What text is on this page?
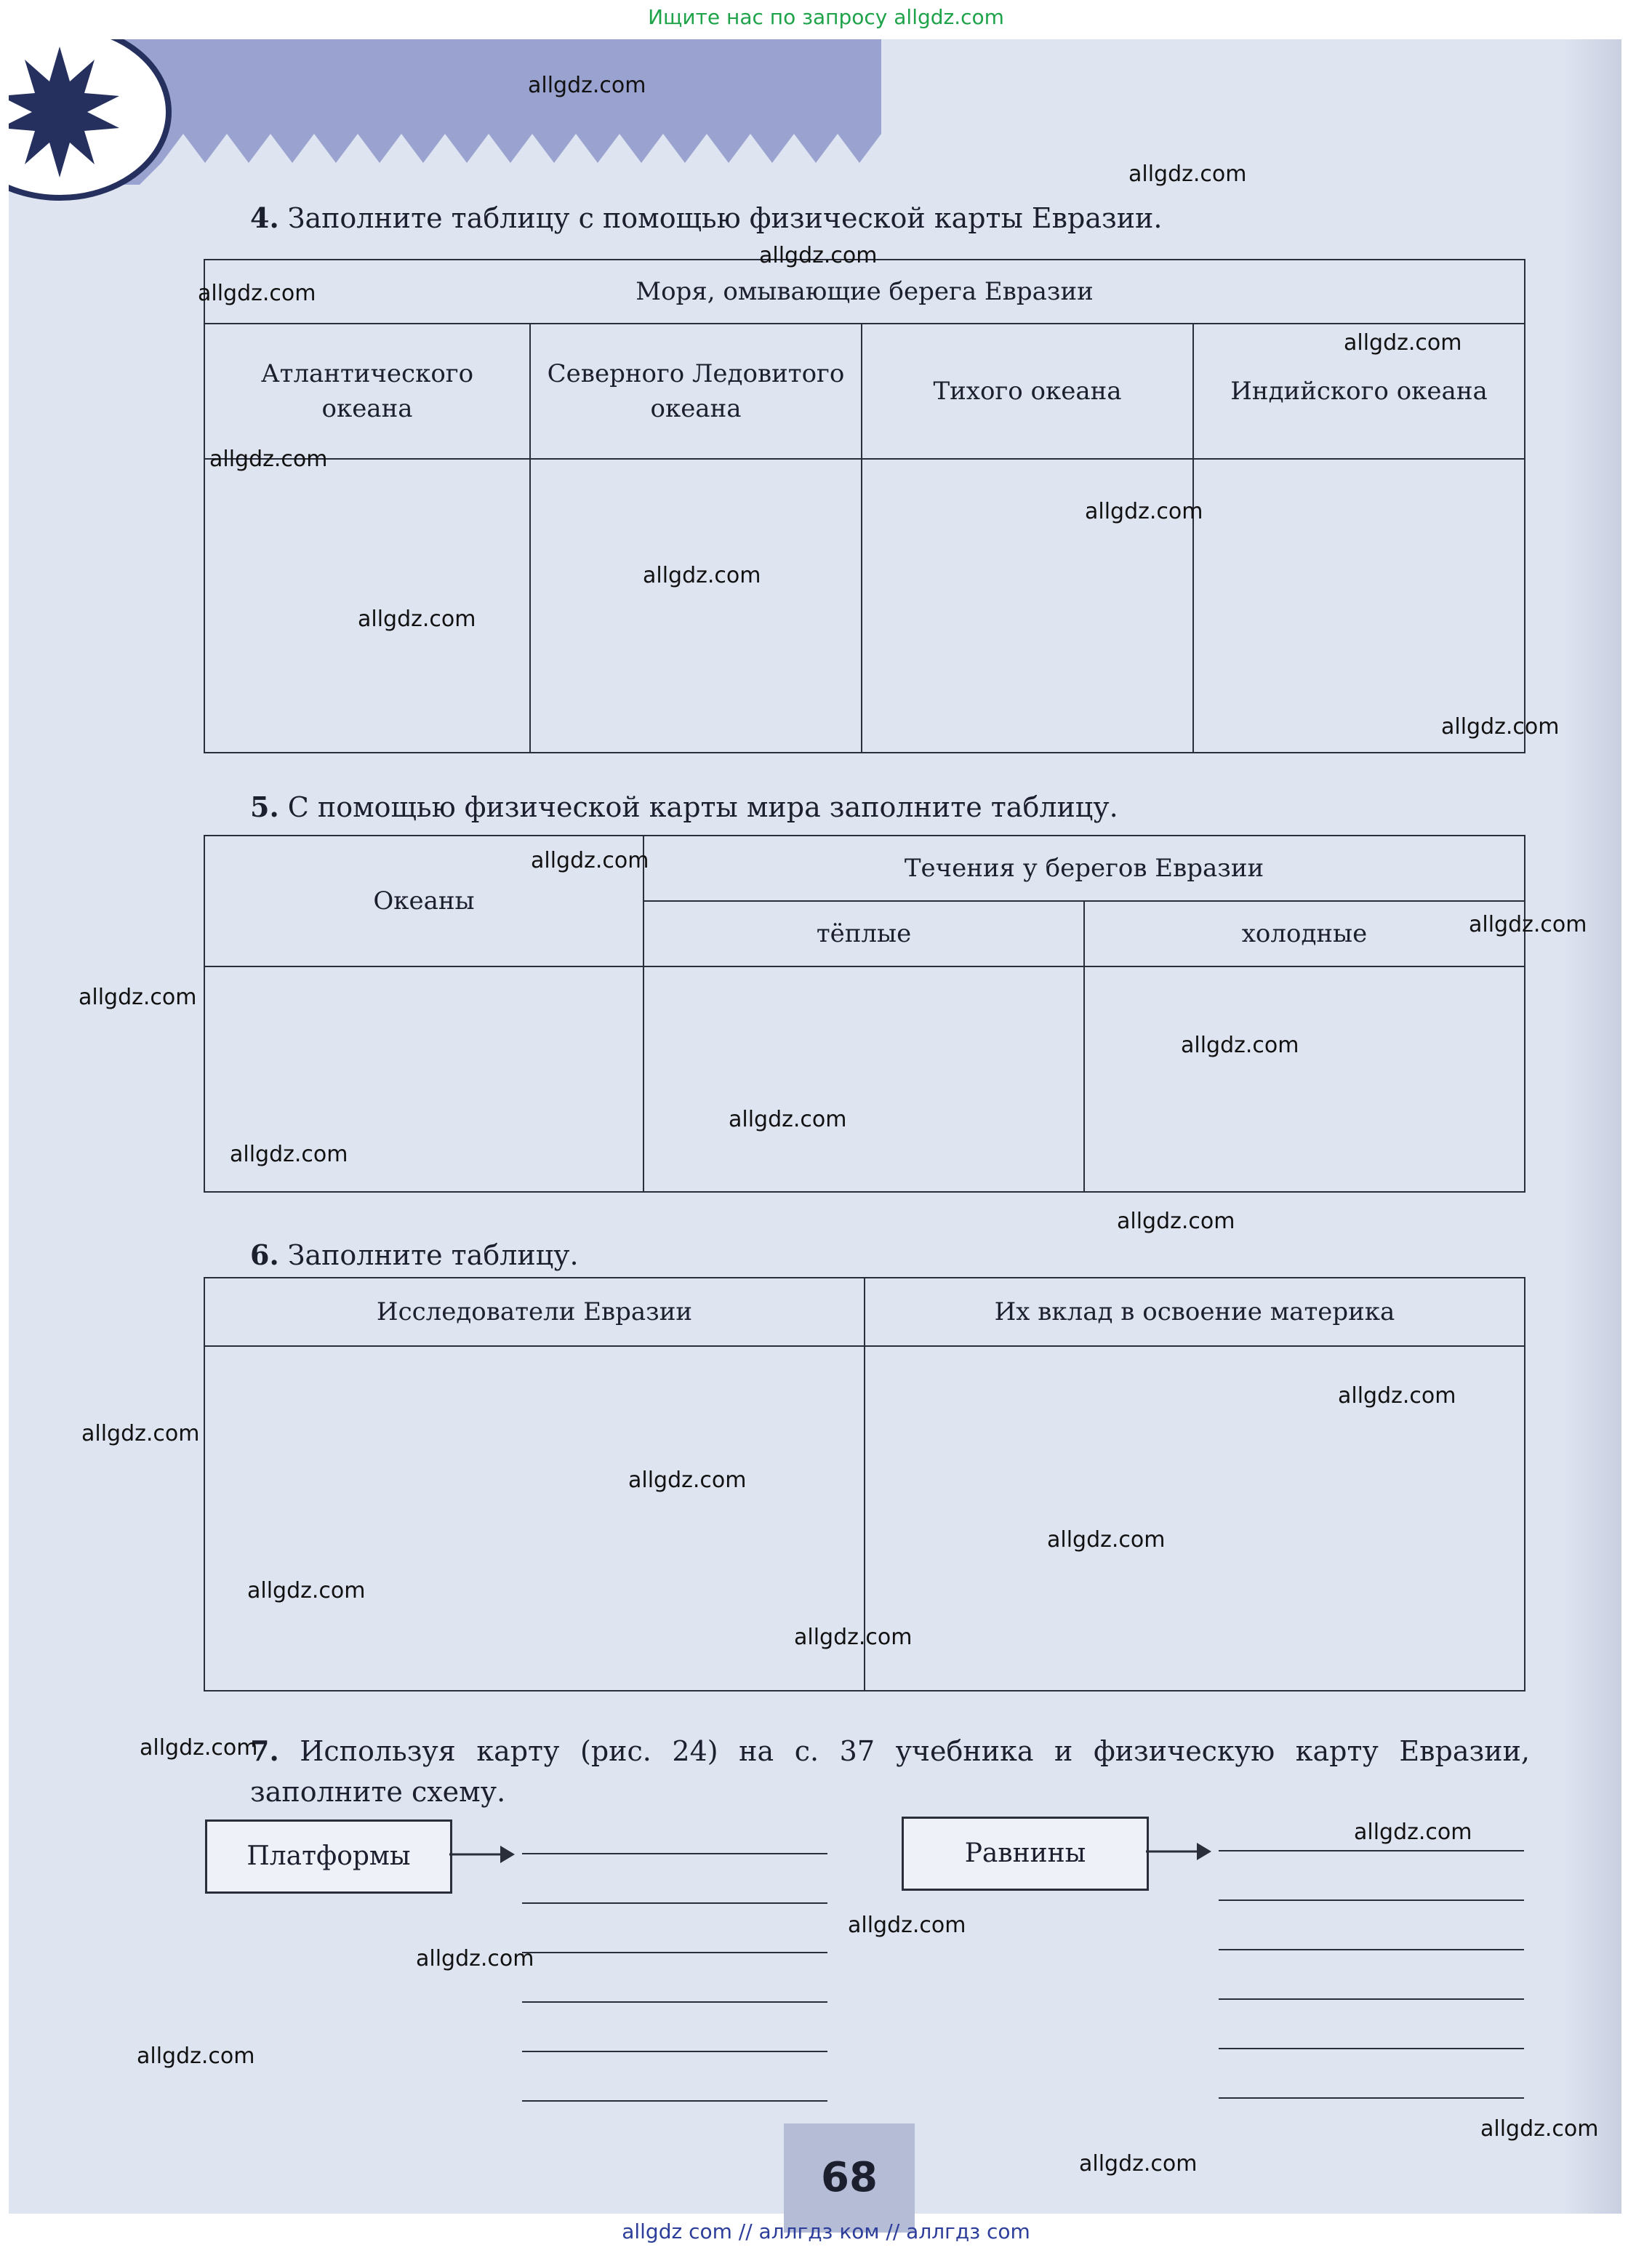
Ищите нас по запросу allgdz.com
4. Заполните таблицу с помощью физической карты Евразии.
Моря, омывающие берега Евразии			
Атлантического океана	Северного Ледовитого океана	Тихого океана	Индийского океана

5. С помощью физической карты мира заполните таблицу.
Океаны	Течения у берегов Евразии	
	тёплые	холодные

6. Заполните таблицу.
Исследователи Евразии	Их вклад в освоение материка

7. Используя карту (рис. 24) на с. 37 учебника и физическую карту Евразии, заполните схему.
Платформы	Равнины
68
allgdz.com
allgdz.com
allgdz.com
allgdz.com
allgdz.com
allgdz.com
allgdz.com
allgdz.com
allgdz.com
allgdz.com
allgdz.com
allgdz.com
allgdz.com
allgdz.com
allgdz.com
allgdz.com
allgdz.com
allgdz.com
allgdz.com
allgdz.com
allgdz.com
allgdz.com
allgdz.com
allgdz.com
allgdz.com
allgdz.com
allgdz.com
allgdz.com
allgdz.com
allgdz.com
allgdz com // аллгдз ком // аллгдз com
